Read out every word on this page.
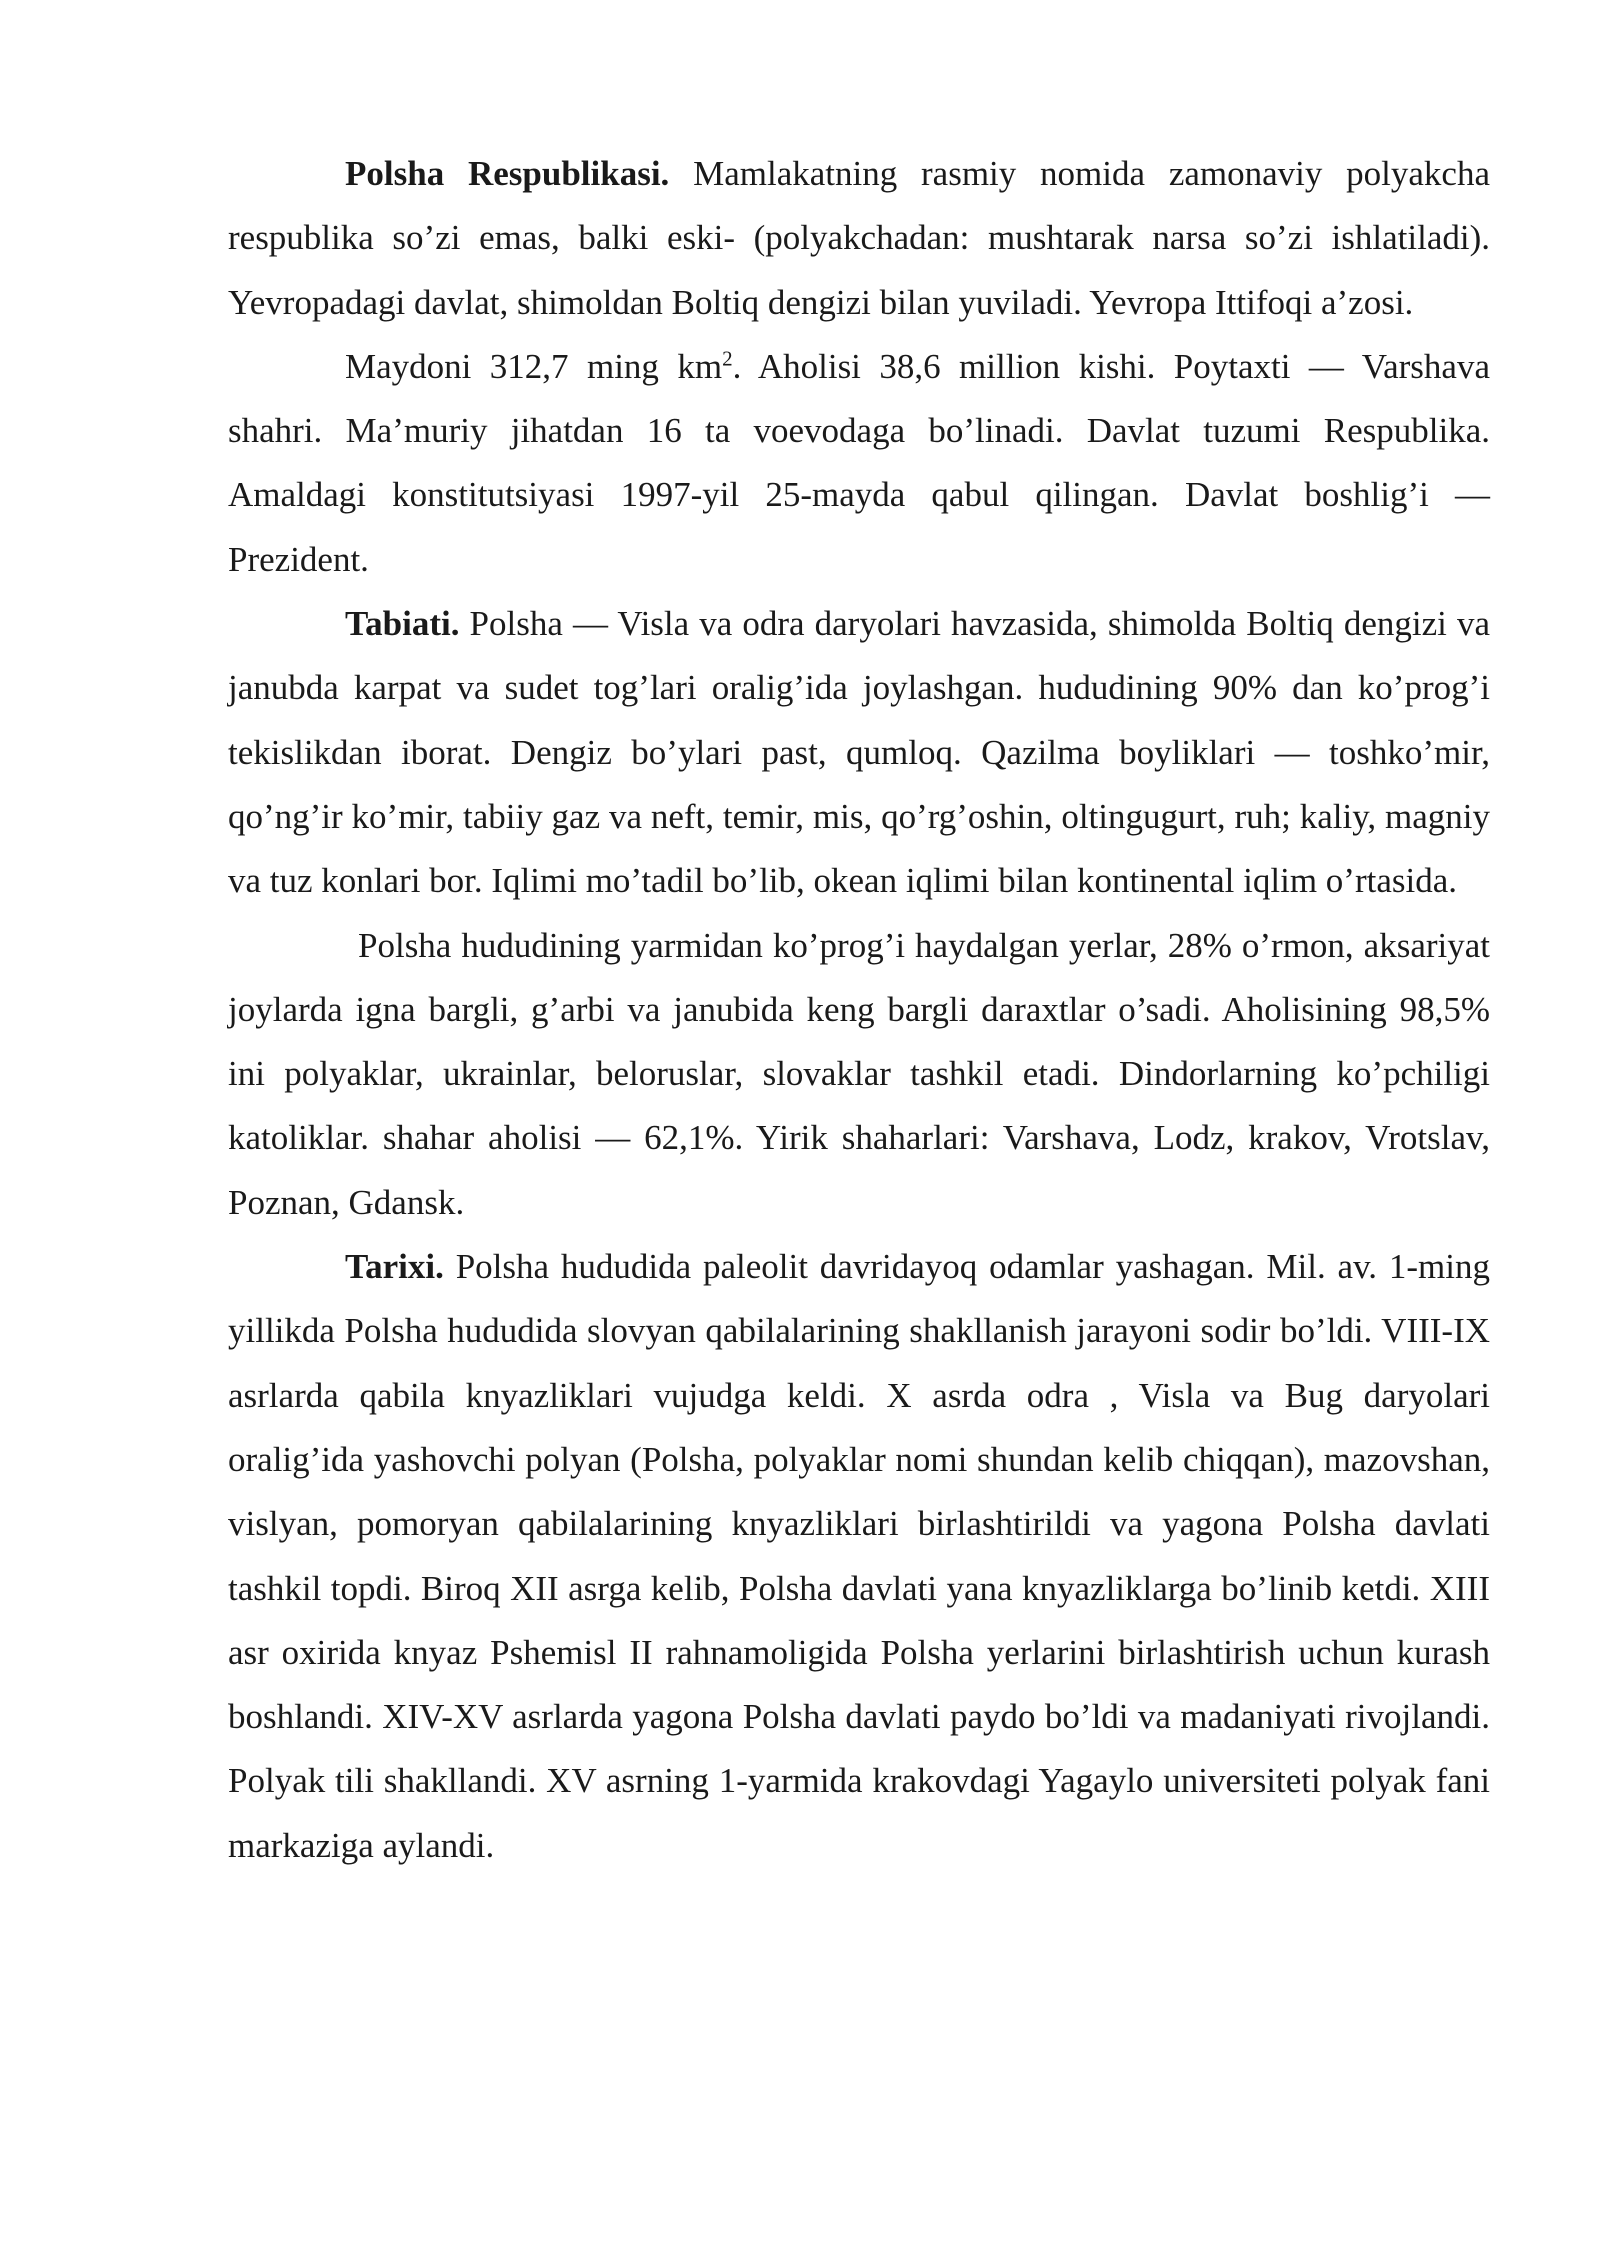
Polsha Respublikasi. Mamlakatning rasmiy nomida zamonaviy polyakcha respublika so’zi emas, balki eski- (polyakchadan: mushtarak narsa so’zi ishlatiladi). Yevropadagi davlat, shimoldan Boltiq dengizi bilan yuviladi. Yevropa Ittifoqi a’zosi.

Maydoni 312,7 ming $km^2$. Aholisi 38,6 million kishi. Poytaxti — Varshava shahri. Ma’muriy jihatdan 16 ta voevodaga bo’linadi. Davlat tuzumi Respublika. Amaldagi konstitutsiyasi 1997-yil 25-mayda qabul qilingan. Davlat boshlig’i — Prezident.

Tabiati. Polsha — Visla va odra daryolari havzasida, shimolda Boltiq dengizi va janubda karpat va sudet tog’lari oralig’ida joylashgan. hududining 90% dan ko’prog’i tekislikdan iborat. Dengiz bo’ylari past, qumloq. Qazilma boyliklari — toshko’mir, qo’ng’ir ko’mir, tabiiy gaz va neft, temir, mis, qo’rg’oshin, oltingugurt, ruh; kaliy, magniy va tuz konlari bor. Iqlimi mo’tadil bo’lib, okean iqlimi bilan kontinental iqlim o’rtasida.

Polsha hududining yarmidan ko’prog’i haydalgan yerlar, 28% o’rmon, aksariyat joylarda igna bargli, g’arbi va janubida keng bargli daraxtlar o’sadi. Aholisining 98,5% ini polyaklar, ukrainlar, beloruslar, slovaklar tashkil etadi. Dindorlarning ko’pchiligi katoliklar. shahar aholisi — 62,1%. Yirik shaharlari: Varshava, Lodz, krakov, Vrotslav, Poznan, Gdansk.

Tarixi. Polsha hududida paleolit davridayoq odamlar yashagan. Mil. av. 1-ming yillikda Polsha hududida slovyan qabilalarining shakllanish jarayoni sodir bo’ldi. VIII-IX asrlarda qabila knyazliklari vujudga keldi. X asrda odra , Visla va Bug daryolari oralig’ida yashovchi polyan (Polsha, polyaklar nomi shundan kelib chiqqan), mazovshan, vislyan, pomoryan qabilalarining knyazliklari birlashtirildi va yagona Polsha davlati tashkil topdi. Biroq XII asrga kelib, Polsha davlati yana knyazliklarga bo’linib ketdi. XIII asr oxirida knyaz Pshemisl II rahnamoligida Polsha yerlarini birlashtirish uchun kurash boshlandi. XIV-XV asrlarda yagona Polsha davlati paydo bo’ldi va madaniyati rivojlandi. Polyak tili shakllandi. XV asrning 1-yarmida krakovdagi Yagaylo universiteti polyak fani markaziga aylandi.
